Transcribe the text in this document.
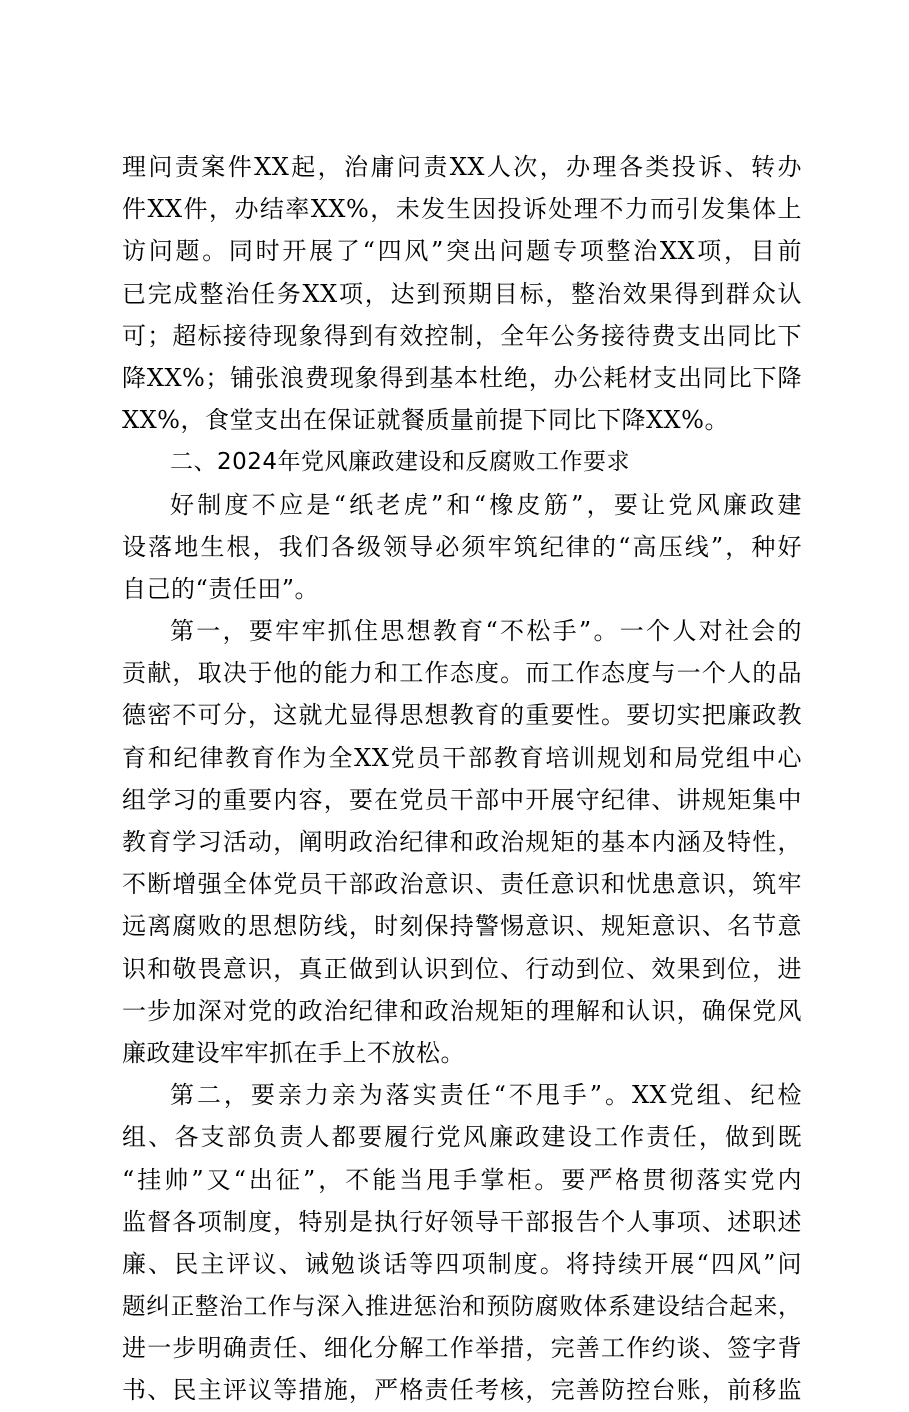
理问责案件XX起，治庸问责XX人次，办理各类投诉、转办
件XX件，办结率XX%，未发生因投诉处理不力而引发集体上
访问题。同时开展了“四风”突出问题专项整治XX项，目前
已完成整治任务XX项，达到预期目标，整治效果得到群众认
可；超标接待现象得到有效控制，全年公务接待费支出同比下
降XX%；铺张浪费现象得到基本杜绝，办公耗材支出同比下降
XX%，食堂支出在保证就餐质量前提下同比下降XX%。
二、2024年党风廉政建设和反腐败工作要求
好制度不应是“纸老虎”和“橡皮筋”，要让党风廉政建
设落地生根，我们各级领导必须牢筑纪律的“高压线”，种好
自己的“责任田”。
第一，要牢牢抓住思想教育“不松手”。一个人对社会的
贡献，取决于他的能力和工作态度。而工作态度与一个人的品
德密不可分，这就尤显得思想教育的重要性。要切实把廉政教
育和纪律教育作为全XX党员干部教育培训规划和局党组中心
组学习的重要内容，要在党员干部中开展守纪律、讲规矩集中
教育学习活动，阐明政治纪律和政治规矩的基本内涵及特性，
不断增强全体党员干部政治意识、责任意识和忧患意识，筑牢
远离腐败的思想防线，时刻保持警惕意识、规矩意识、名节意
识和敬畏意识，真正做到认识到位、行动到位、效果到位，进
一步加深对党的政治纪律和政治规矩的理解和认识，确保党风
廉政建设牢牢抓在手上不放松。
第二，要亲力亲为落实责任“不甩手”。XX党组、纪检
组、各支部负责人都要履行党风廉政建设工作责任，做到既
“挂帅”又“出征”，不能当甩手掌柜。要严格贯彻落实党内
监督各项制度，特别是执行好领导干部报告个人事项、述职述
廉、民主评议、诫勉谈话等四项制度。将持续开展“四风”问
题纠正整治工作与深入推进惩治和预防腐败体系建设结合起来，
进一步明确责任、细化分解工作举措，完善工作约谈、签字背
书、民主评议等措施，严格责任考核，完善防控台账，前移监
